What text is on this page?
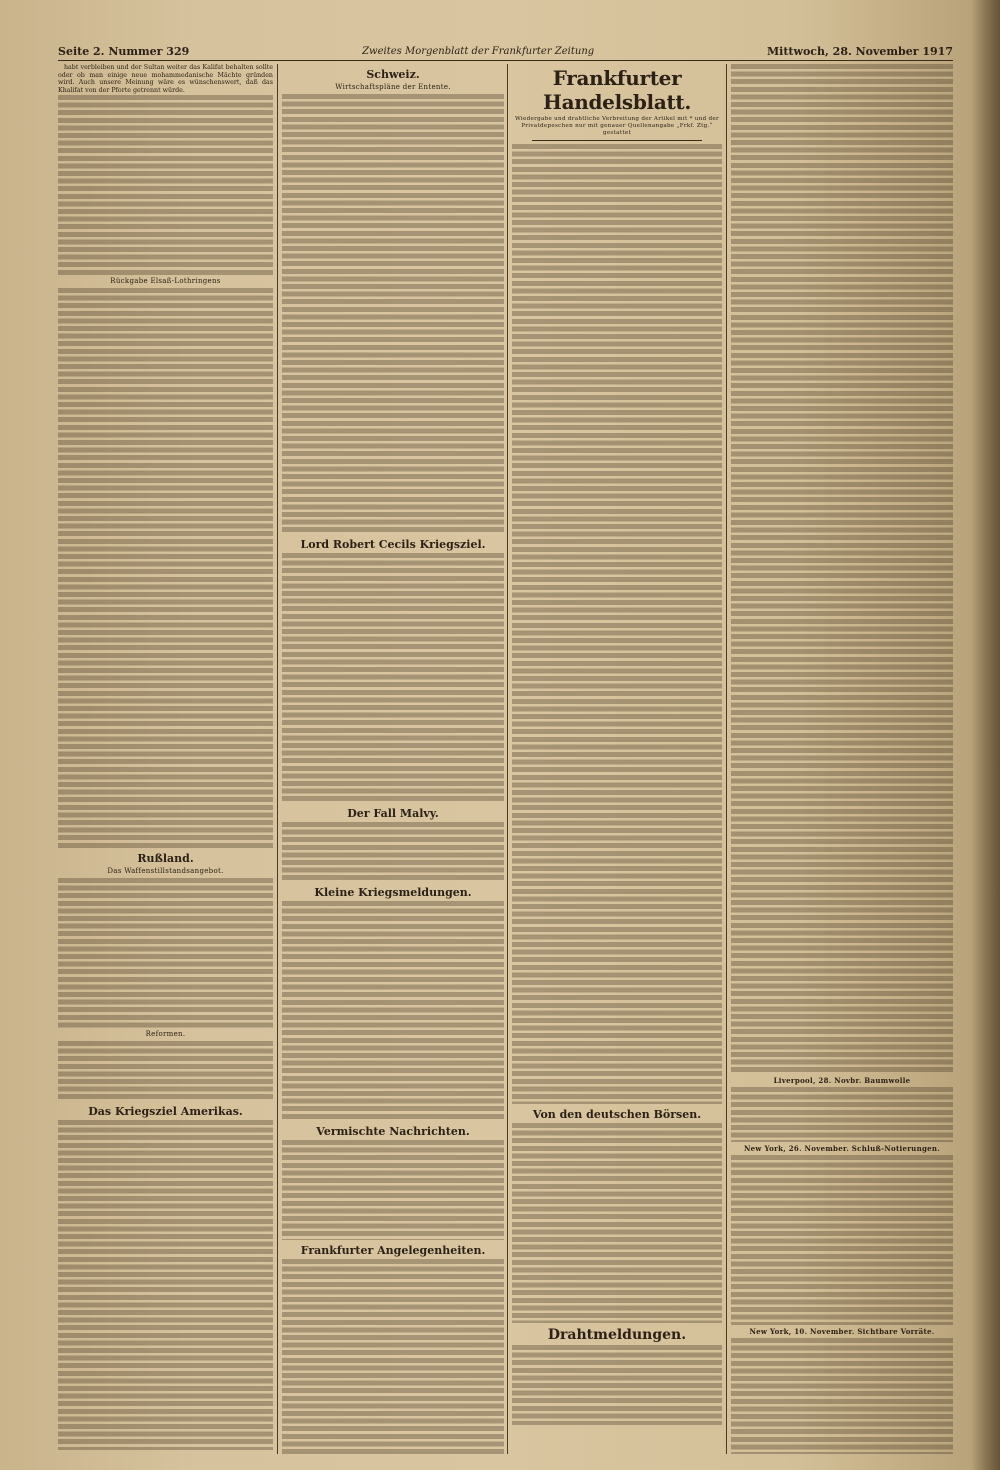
Seite 2. Nummer 329	Zweites Morgenblatt der Frankfurter Zeitung	Mittwoch, 28. November 1917

habt verbleiben und der Sultan weiter das Kalifat behalten sollte oder ob man einige neue mohammedanische Mächte gründen wird. Auch unsere Meinung wäre es wünschenswert, daß das Khalifat von der Pforte getrennt würde.

Rückgabe Elsaß-Lothringens
Rußland.
Das Waffenstillstandsangebot.
Reformen.
Das Kriegsziel Amerikas.
Schweiz.
Wirtschaftspläne der Entente.
Lord Robert Cecils Kriegsziel.
Der Fall Malvy.
Kleine Kriegsmeldungen.
Vermischte Nachrichten.
Frankfurter Angelegenheiten.
Frankfurter Handelsblatt.
Wiedergabe und drahtliche Verbreitung der Artikel mit * und der Privatdepeschen nur mit genauer Quellenangabe „Frkf. Ztg.“ gestattet
Von den deutschen Börsen.
Drahtmeldungen.
Liverpool, 28. Novbr. Baumwolle
New York, 26. November. Schluß-Notierungen.
New York, 10. November. Sichtbare Vorräte.
